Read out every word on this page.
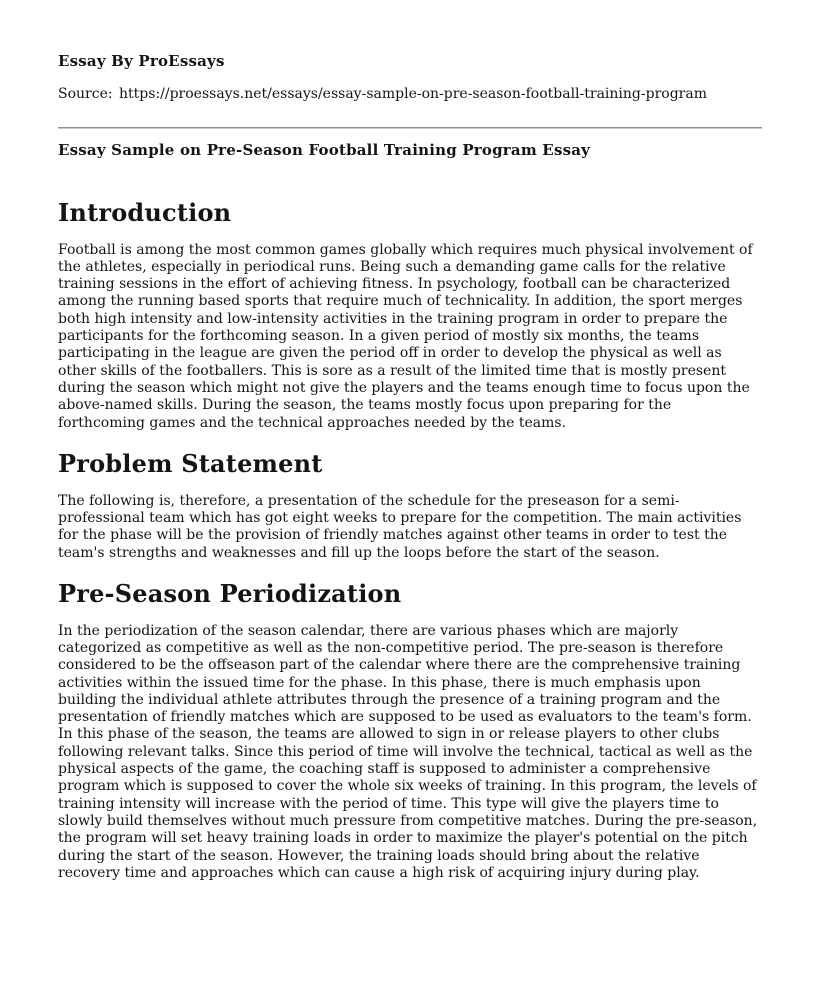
Essay By ProEssays
Source: https://proessays.net/essays/essay-sample-on-pre-season-football-training-program
Essay Sample on Pre-Season Football Training Program Essay
Introduction

Football is among the most common games globally which requires much physical involvement of the athletes, especially in periodical runs. Being such a demanding game calls for the relative training sessions in the effort of achieving fitness. In psychology, football can be characterized among the running based sports that require much of technicality. In addition, the sport merges both high intensity and low-intensity activities in the training program in order to prepare the participants for the forthcoming season. In a given period of mostly six months, the teams participating in the league are given the period off in order to develop the physical as well as other skills of the footballers. This is sore as a result of the limited time that is mostly present during the season which might not give the players and the teams enough time to focus upon the above-named skills. During the season, the teams mostly focus upon preparing for the forthcoming games and the technical approaches needed by the teams.

Problem Statement

The following is, therefore, a presentation of the schedule for the preseason for a semi-professional team which has got eight weeks to prepare for the competition. The main activities for the phase will be the provision of friendly matches against other teams in order to test the team's strengths and weaknesses and fill up the loops before the start of the season.

Pre-Season Periodization

In the periodization of the season calendar, there are various phases which are majorly categorized as competitive as well as the non-competitive period. The pre-season is therefore considered to be the offseason part of the calendar where there are the comprehensive training activities within the issued time for the phase. In this phase, there is much emphasis upon building the individual athlete attributes through the presence of a training program and the presentation of friendly matches which are supposed to be used as evaluators to the team's form. In this phase of the season, the teams are allowed to sign in or release players to other clubs following relevant talks. Since this period of time will involve the technical, tactical as well as the physical aspects of the game, the coaching staff is supposed to administer a comprehensive program which is supposed to cover the whole six weeks of training. In this program, the levels of training intensity will increase with the period of time. This type will give the players time to slowly build themselves without much pressure from competitive matches. During the pre-season, the program will set heavy training loads in order to maximize the player's potential on the pitch during the start of the season. However, the training loads should bring about the relative recovery time and approaches which can cause a high risk of acquiring injury during play.
